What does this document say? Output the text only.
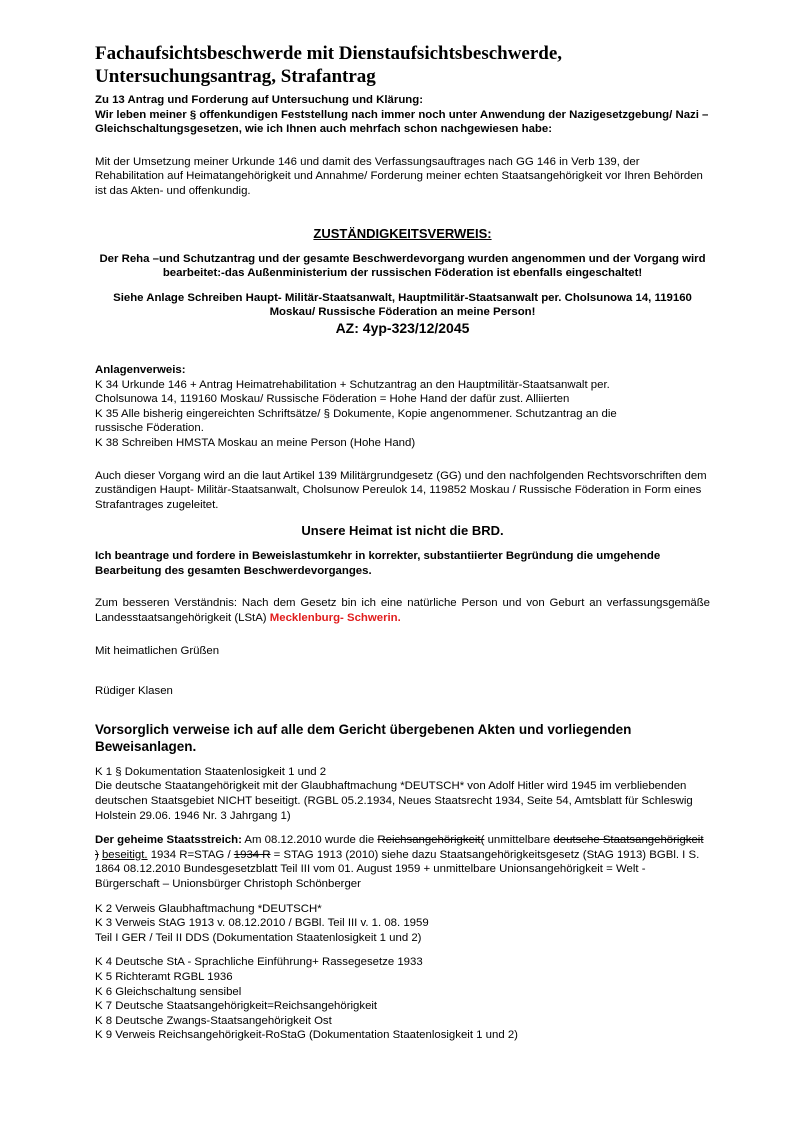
Fachaufsichtsbeschwerde mit Dienstaufsichtsbeschwerde, Untersuchungsantrag, Strafantrag

Zu 13 Antrag und Forderung auf Untersuchung und Klärung:
Wir leben meiner § offenkundigen Feststellung nach immer noch unter Anwendung der Nazigesetzgebung/ Nazi – Gleichschaltungsgesetzen, wie ich Ihnen auch mehrfach schon nachgewiesen habe:

Mit der Umsetzung meiner Urkunde 146 und damit des Verfassungsauftrages nach GG 146 in Verb 139, der Rehabilitation auf Heimatangehörigkeit und Annahme/ Forderung meiner echten Staatsangehörigkeit vor Ihren Behörden ist das Akten- und offenkundig.

ZUSTÄNDIGKEITSVERWEIS:

Der Reha –und Schutzantrag und der gesamte Beschwerdevorgang wurden angenommen und der Vorgang wird bearbeitet:-das Außenministerium der russischen Föderation ist ebenfalls eingeschaltet!

Siehe Anlage Schreiben Haupt- Militär-Staatsanwalt, Hauptmilitär-Staatsanwalt per. Cholsunowa 14, 119160 Moskau/ Russische Föderation an meine Person!

AZ: 4yp-323/12/2045

Anlagenverweis:

K 34 Urkunde 146 + Antrag Heimatrehabilitation + Schutzantrag an den Hauptmilitär-Staatsanwalt per.
Cholsunowa 14, 119160 Moskau/ Russische Föderation = Hohe Hand der dafür zust. Alliierten
K 35 Alle bisherig eingereichten Schriftsätze/ § Dokumente, Kopie angenommener. Schutzantrag an die
russische Föderation.
K 38 Schreiben HMSTA Moskau an meine Person (Hohe Hand)

Auch dieser Vorgang wird an die laut Artikel 139 Militärgrundgesetz (GG) und den nachfolgenden Rechtsvorschriften dem zuständigen Haupt- Militär-Staatsanwalt, Cholsunow Pereulok 14, 119852 Moskau / Russische Föderation in Form eines Strafantrages zugeleitet.

Unsere Heimat ist nicht die BRD.

Ich beantrage und fordere in Beweislastumkehr in korrekter, substantiierter Begründung die umgehende Bearbeitung des gesamten Beschwerdevorganges.

Zum besseren Verständnis: Nach dem Gesetz bin ich eine natürliche Person und von Geburt an verfassungsgemäße Landesstaatsangehörigkeit (LStA) Mecklenburg- Schwerin.

Mit heimatlichen Grüßen

Rüdiger Klasen

Vorsorglich verweise ich auf alle dem Gericht übergebenen Akten und vorliegenden Beweisanlagen.

K 1 § Dokumentation Staatenlosigkeit 1 und 2
Die deutsche Staatangehörigkeit mit der Glaubhaftmachung *DEUTSCH* von Adolf Hitler wird 1945 im verbliebenden deutschen Staatsgebiet NICHT beseitigt. (RGBL 05.2.1934, Neues Staatsrecht 1934, Seite 54, Amtsblatt für Schleswig Holstein 29.06. 1946 Nr. 3 Jahrgang 1)

Der geheime Staatsstreich: Am 08.12.2010 wurde die Reichsangehörigkeit( unmittelbare deutsche Staatsangehörigkeit ) beseitigt. 1934 R=STAG / 1934 R = STAG 1913 (2010) siehe dazu Staatsangehörigkeitsgesetz (StAG 1913) BGBl. I S. 1864 08.12.2010 Bundesgesetzblatt Teil III vom 01. August 1959 + unmittelbare Unionsangehörigkeit = Welt - Bürgerschaft – Unionsbürger Christoph Schönberger

K 2 Verweis Glaubhaftmachung *DEUTSCH*
K 3 Verweis StAG 1913 v. 08.12.2010 / BGBl. Teil III v. 1. 08. 1959
Teil I GER / Teil II DDS (Dokumentation Staatenlosigkeit 1 und 2)
K 4 Deutsche StA - Sprachliche Einführung+ Rassegesetze 1933
K 5 Richteramt RGBL 1936
K 6 Gleichschaltung sensibel
K 7 Deutsche Staatsangehörigkeit=Reichsangehörigkeit
K 8 Deutsche Zwangs-Staatsangehörigkeit Ost
K 9 Verweis Reichsangehörigkeit-RoStaG (Dokumentation Staatenlosigkeit 1 und 2)
